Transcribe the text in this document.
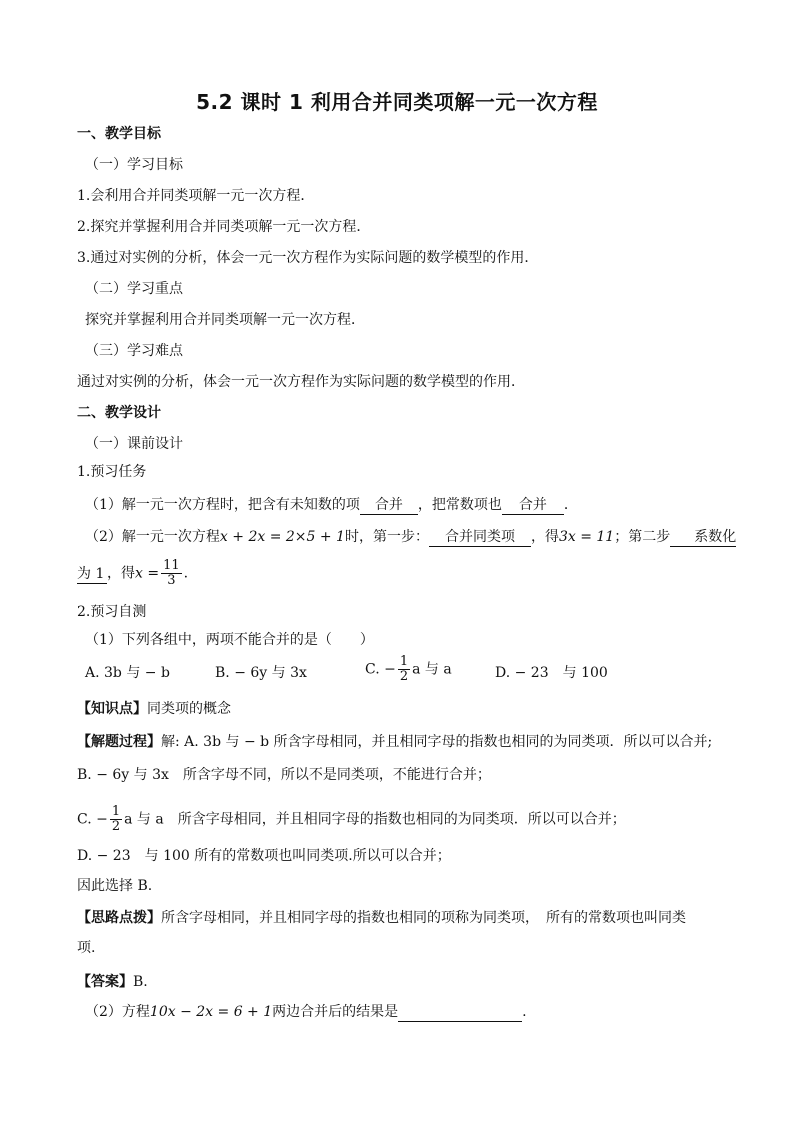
5.2 课时 1 利用合并同类项解一元一次方程
一、教学目标
（一）学习目标
1.会利用合并同类项解一元一次方程．
2.探究并掌握利用合并同类项解一元一次方程．
3.通过对实例的分析，体会一元一次方程作为实际问题的数学模型的作用．
（二）学习重点
探究并掌握利用合并同类项解一元一次方程．
（三）学习难点
通过对实例的分析，体会一元一次方程作为实际问题的数学模型的作用．
二、教学设计
（一）课前设计
1.预习任务
（1）解一元一次方程时，把含有未知数的项 合并 ，把常数项也 合并 ．
（2）解一元一次方程x + 2x = 2×5 + 1时，第一步： 合并同类项 ，得3x = 11；第二步 系数化
为 1 ，得$x = \frac{11}{3}$ .
2.预习自测
（1）下列各组中，两项不能合并的是（　　）
A. 3b 与 − b	B. − 6y 与 3x	C. − $\frac{1}{2}$ a 与 a	D. − 23　与 100
【知识点】同类项的概念
【解题过程】解: A. 3b 与 − b 所含字母相同，并且相同字母的指数也相同的为同类项．所以可以合并;
B. − 6y 与 3x　所含字母不同，所以不是同类项，不能进行合并；
C. − $\frac{1}{2}$ a 与 a　所含字母相同，并且相同字母的指数也相同的为同类项．所以可以合并；
D. − 23　与 100 所有的常数项也叫同类项.所以可以合并；
因此选择 B.
【思路点拨】所含字母相同，并且相同字母的指数也相同的项称为同类项，　所有的常数项也叫同类
项.
【答案】B.
（2）方程10x − 2x = 6 + 1两边合并后的结果是	.
